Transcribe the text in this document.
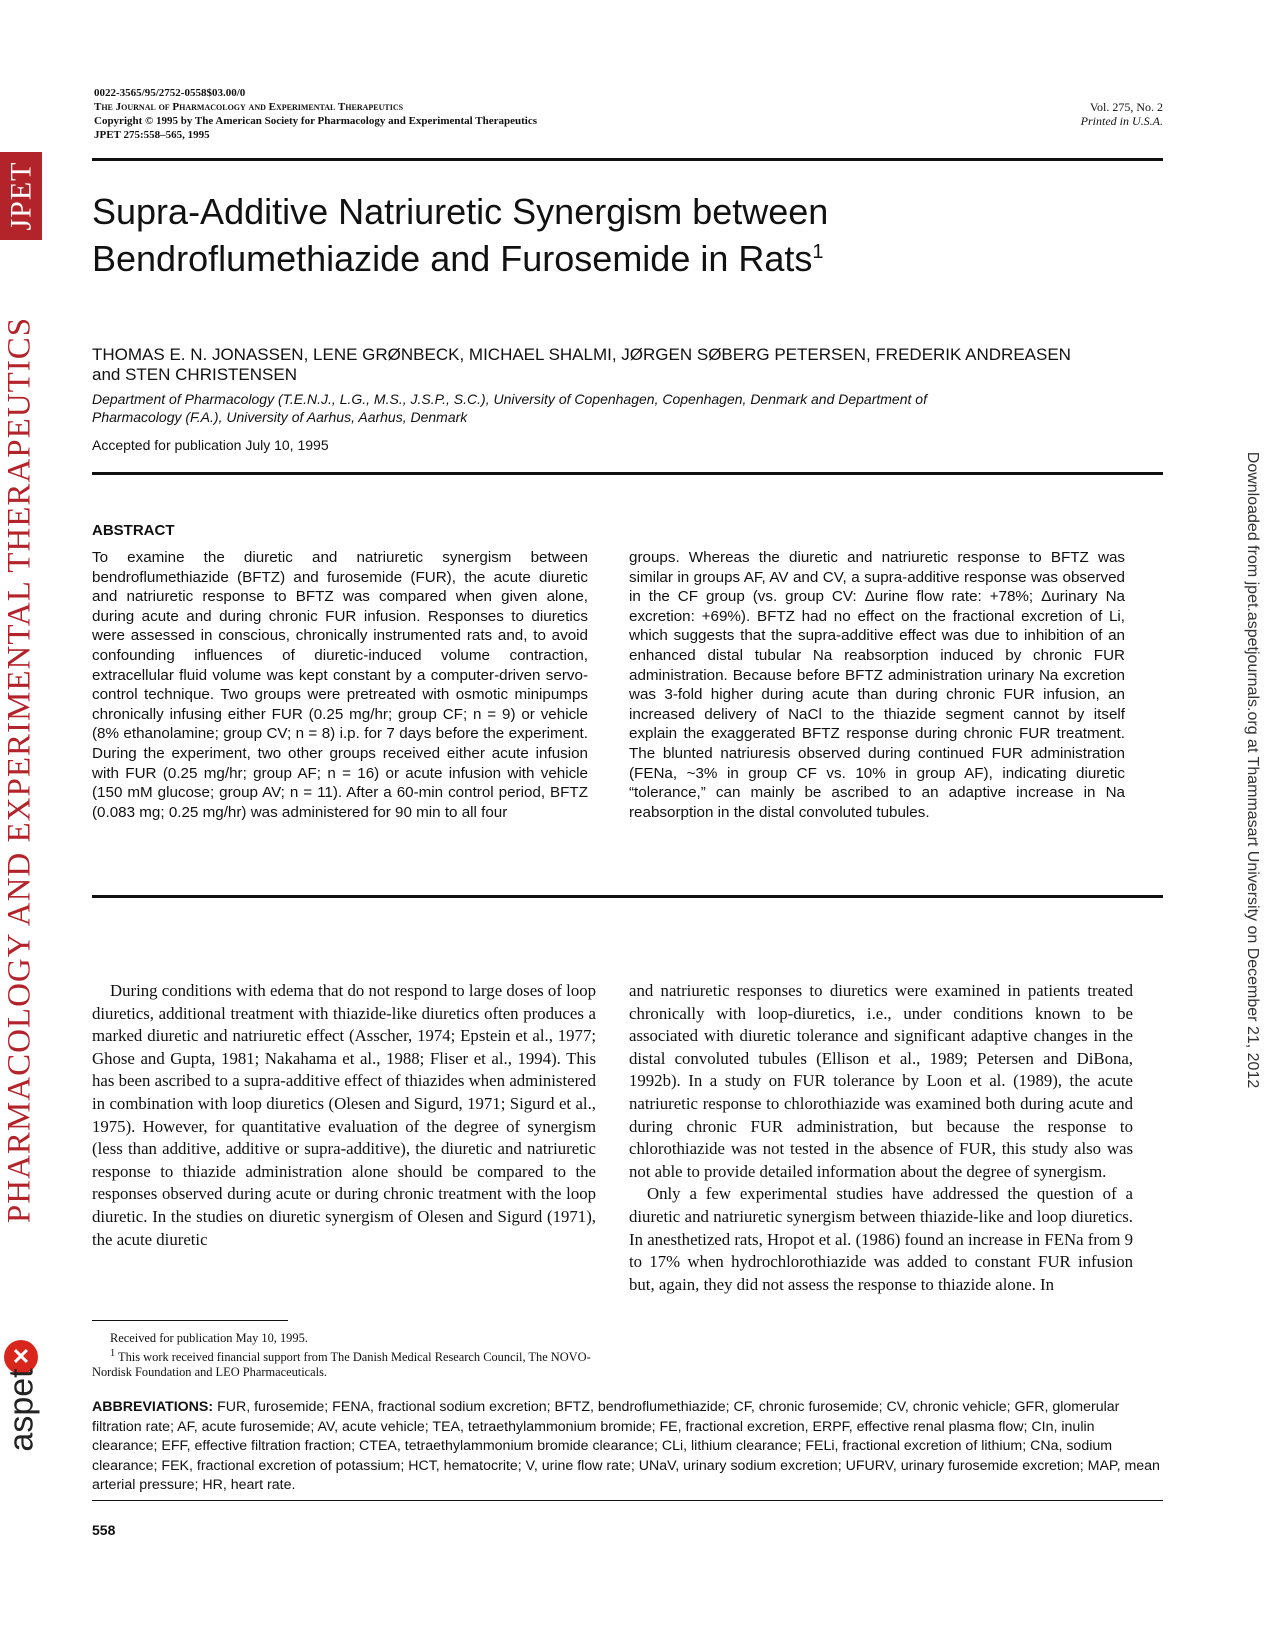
JPET
PHARMACOLOGY AND EXPERIMENTAL THERAPEUTICS
✕
aspet
Downloaded from jpet.aspetjournals.org at Thammasart University on December 21, 2012
0022-3565/95/2752-0558$03.00/0
The Journal of Pharmacology and Experimental Therapeutics
Copyright © 1995 by The American Society for Pharmacology and Experimental Therapeutics
JPET 275:558–565, 1995
Vol. 275, No. 2
Printed in U.S.A.
Supra-Additive Natriuretic Synergism between Bendroflumethiazide and Furosemide in Rats$^1$
THOMAS E. N. JONASSEN, LENE GRØNBECK, MICHAEL SHALMI, JØRGEN SØBERG PETERSEN, FREDERIK ANDREASEN and STEN CHRISTENSEN
Department of Pharmacology (T.E.N.J., L.G., M.S., J.S.P., S.C.), University of Copenhagen, Copenhagen, Denmark and Department of Pharmacology (F.A.), University of Aarhus, Aarhus, Denmark
Accepted for publication July 10, 1995
ABSTRACT
To examine the diuretic and natriuretic synergism between bendroflumethiazide (BFTZ) and furosemide (FUR), the acute diuretic and natriuretic response to BFTZ was compared when given alone, during acute and during chronic FUR infusion. Responses to diuretics were assessed in conscious, chronically instrumented rats and, to avoid confounding influences of diuretic-induced volume contraction, extracellular fluid volume was kept constant by a computer-driven servo-control technique. Two groups were pretreated with osmotic minipumps chronically infusing either FUR (0.25 mg/hr; group CF; n = 9) or vehicle (8% ethanolamine; group CV; n = 8) i.p. for 7 days before the experiment. During the experiment, two other groups received either acute infusion with FUR (0.25 mg/hr; group AF; n = 16) or acute infusion with vehicle (150 mM glucose; group AV; n = 11). After a 60-min control period, BFTZ (0.083 mg; 0.25 mg/hr) was administered for 90 min to all four
groups. Whereas the diuretic and natriuretic response to BFTZ was similar in groups AF, AV and CV, a supra-additive response was observed in the CF group (vs. group CV: Δurine flow rate: +78%; Δurinary Na excretion: +69%). BFTZ had no effect on the fractional excretion of Li, which suggests that the supra-additive effect was due to inhibition of an enhanced distal tubular Na reabsorption induced by chronic FUR administration. Because before BFTZ administration urinary Na excretion was 3-fold higher during acute than during chronic FUR infusion, an increased delivery of NaCl to the thiazide segment cannot by itself explain the exaggerated BFTZ response during chronic FUR treatment. The blunted natriuresis observed during continued FUR administration (FENa, ~3% in group CF vs. 10% in group AF), indicating diuretic “tolerance,” can mainly be ascribed to an adaptive increase in Na reabsorption in the distal convoluted tubules.

During conditions with edema that do not respond to large doses of loop diuretics, additional treatment with thiazide-like diuretics often produces a marked diuretic and natriuretic effect (Asscher, 1974; Epstein et al., 1977; Ghose and Gupta, 1981; Nakahama et al., 1988; Fliser et al., 1994). This has been ascribed to a supra-additive effect of thiazides when administered in combination with loop diuretics (Olesen and Sigurd, 1971; Sigurd et al., 1975). However, for quantitative evaluation of the degree of synergism (less than additive, additive or supra-additive), the diuretic and natriuretic response to thiazide administration alone should be compared to the responses observed during acute or during chronic treatment with the loop diuretic. In the studies on diuretic synergism of Olesen and Sigurd (1971), the acute diuretic

and natriuretic responses to diuretics were examined in patients treated chronically with loop-diuretics, i.e., under conditions known to be associated with diuretic tolerance and significant adaptive changes in the distal convoluted tubules (Ellison et al., 1989; Petersen and DiBona, 1992b). In a study on FUR tolerance by Loon et al. (1989), the acute natriuretic response to chlorothiazide was examined both during acute and during chronic FUR administration, but because the response to chlorothiazide was not tested in the absence of FUR, this study also was not able to provide detailed information about the degree of synergism.

Only a few experimental studies have addressed the question of a diuretic and natriuretic synergism between thiazide-like and loop diuretics. In anesthetized rats, Hropot et al. (1986) found an increase in FENa from 9 to 17% when hydrochlorothiazide was added to constant FUR infusion but, again, they did not assess the response to thiazide alone. In

Received for publication May 10, 1995.

$^1$ This work received financial support from The Danish Medical Research Council, The NOVO-Nordisk Foundation and LEO Pharmaceuticals.

ABBREVIATIONS: FUR, furosemide; FENA, fractional sodium excretion; BFTZ, bendroflumethiazide; CF, chronic furosemide; CV, chronic vehicle; GFR, glomerular filtration rate; AF, acute furosemide; AV, acute vehicle; TEA, tetraethylammonium bromide; FE, fractional excretion, ERPF, effective renal plasma flow; CIn, inulin clearance; EFF, effective filtration fraction; CTEA, tetraethylammonium bromide clearance; CLi, lithium clearance; FELi, fractional excretion of lithium; CNa, sodium clearance; FEK, fractional excretion of potassium; HCT, hematocrite; V, urine flow rate; UNaV, urinary sodium excretion; UFURV, urinary furosemide excretion; MAP, mean arterial pressure; HR, heart rate.
558
